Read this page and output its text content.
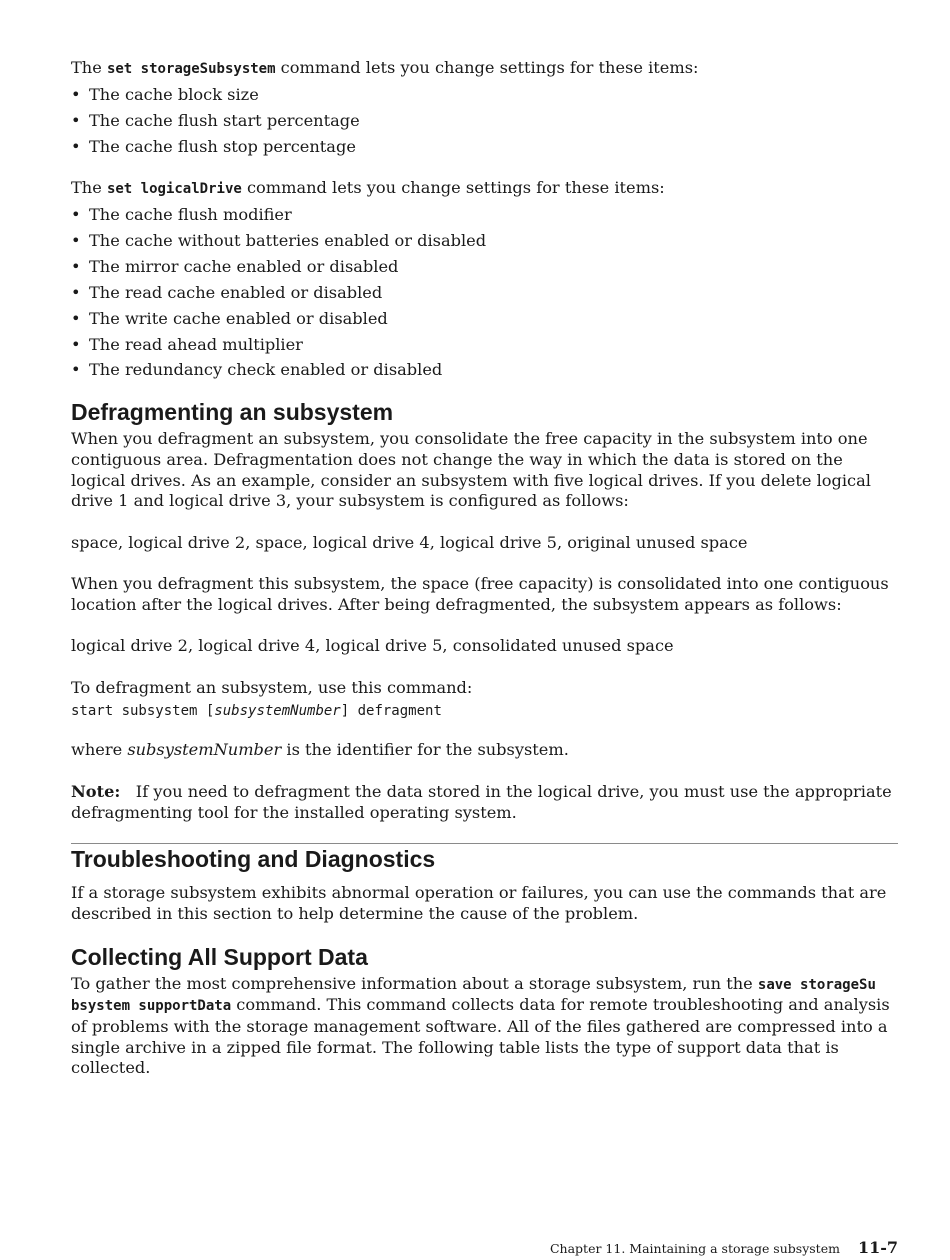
The set storageSubsystem command lets you change settings for these items:

• The cache block size
• The cache flush start percentage
• The cache flush stop percentage

The set logicalDrive command lets you change settings for these items:

• The cache flush modifier
• The cache without batteries enabled or disabled
• The mirror cache enabled or disabled
• The read cache enabled or disabled
• The write cache enabled or disabled
• The read ahead multiplier
• The redundancy check enabled or disabled
Defragmenting an subsystem

When you defragment an subsystem, you consolidate the free capacity in the subsystem into one contiguous area. Defragmentation does not change the way in which the data is stored on the logical drives. As an example, consider an subsystem with five logical drives. If you delete logical drive 1 and logical drive 3, your subsystem is configured as follows:

space, logical drive 2, space, logical drive 4, logical drive 5, original unused space

When you defragment this subsystem, the space (free capacity) is consolidated into one contiguous location after the logical drives. After being defragmented, the subsystem appears as follows:

logical drive 2, logical drive 4, logical drive 5, consolidated unused space

To defragment an subsystem, use this command:

start subsystem [subsystemNumber] defragment

where subsystemNumber is the identifier for the subsystem.

Note: If you need to defragment the data stored in the logical drive, you must use the appropriate defragmenting tool for the installed operating system.

Troubleshooting and Diagnostics

If a storage subsystem exhibits abnormal operation or failures, you can use the commands that are described in this section to help determine the cause of the problem.

Collecting All Support Data

To gather the most comprehensive information about a storage subsystem, run the save storageSu
bsystem supportData command. This command collects data for remote troubleshooting and analysis of problems with the storage management software. All of the files gathered are compressed into a single archive in a zipped file format. The following table lists the type of support data that is collected.

Chapter 11. Maintaining a storage subsystem 11-7
